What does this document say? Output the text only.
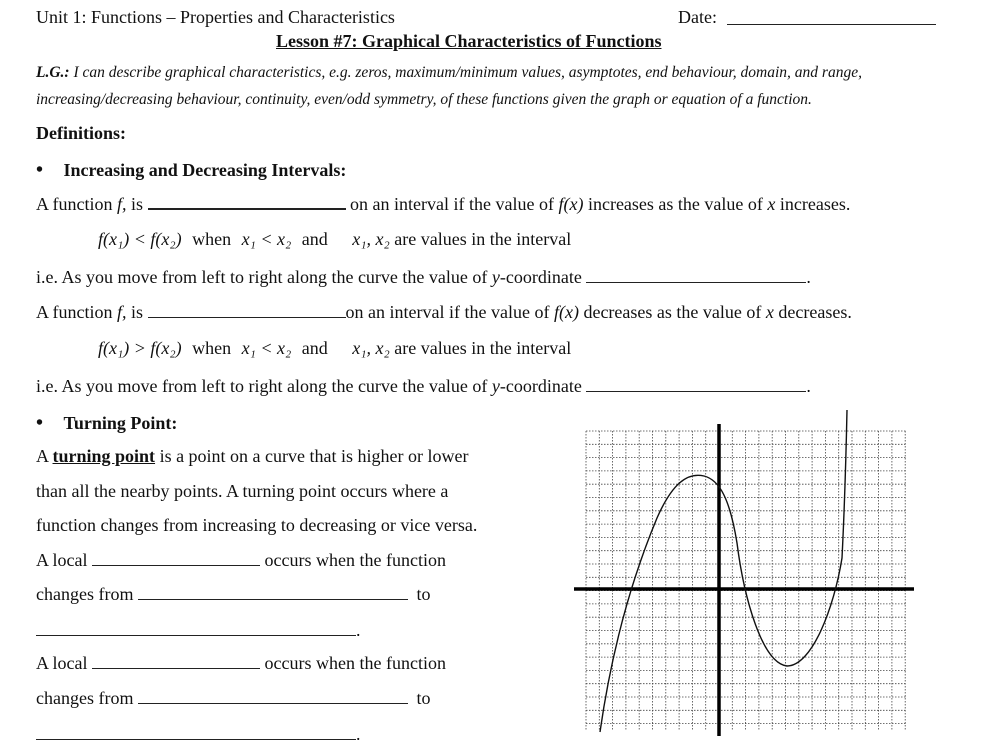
Unit 1: Functions – Properties and Characteristics	Date:
Lesson #7: Graphical Characteristics of Functions
L.G.: I can describe graphical characteristics, e.g. zeros, maximum/minimum values, asymptotes, end behaviour, domain, and range,
increasing/decreasing behaviour, continuity, even/odd symmetry, of these functions given the graph or equation of a function.
Definitions:
• Increasing and Decreasing Intervals:
A function f, is	on an interval if the value of f(x) increases as the value of x increases.
f(x₁) < f(x₂) when x₁ < x₂ and x₁, x₂ are values in the interval
i.e. As you move from left to right along the curve the value of y-coordinate	.
A function f, is	on an interval if the value of f(x) decreases as the value of x decreases.
f(x₁) > f(x₂) when x₁ < x₂ and x₁, x₂ are values in the interval
i.e. As you move from left to right along the curve the value of y-coordinate	.
• Turning Point:
A turning point is a point on a curve that is higher or lower
than all the nearby points. A turning point occurs where a
function changes from increasing to decreasing or vice versa.
A local	occurs when the function
changes from	to
.
A local	occurs when the function
changes from	to
.
